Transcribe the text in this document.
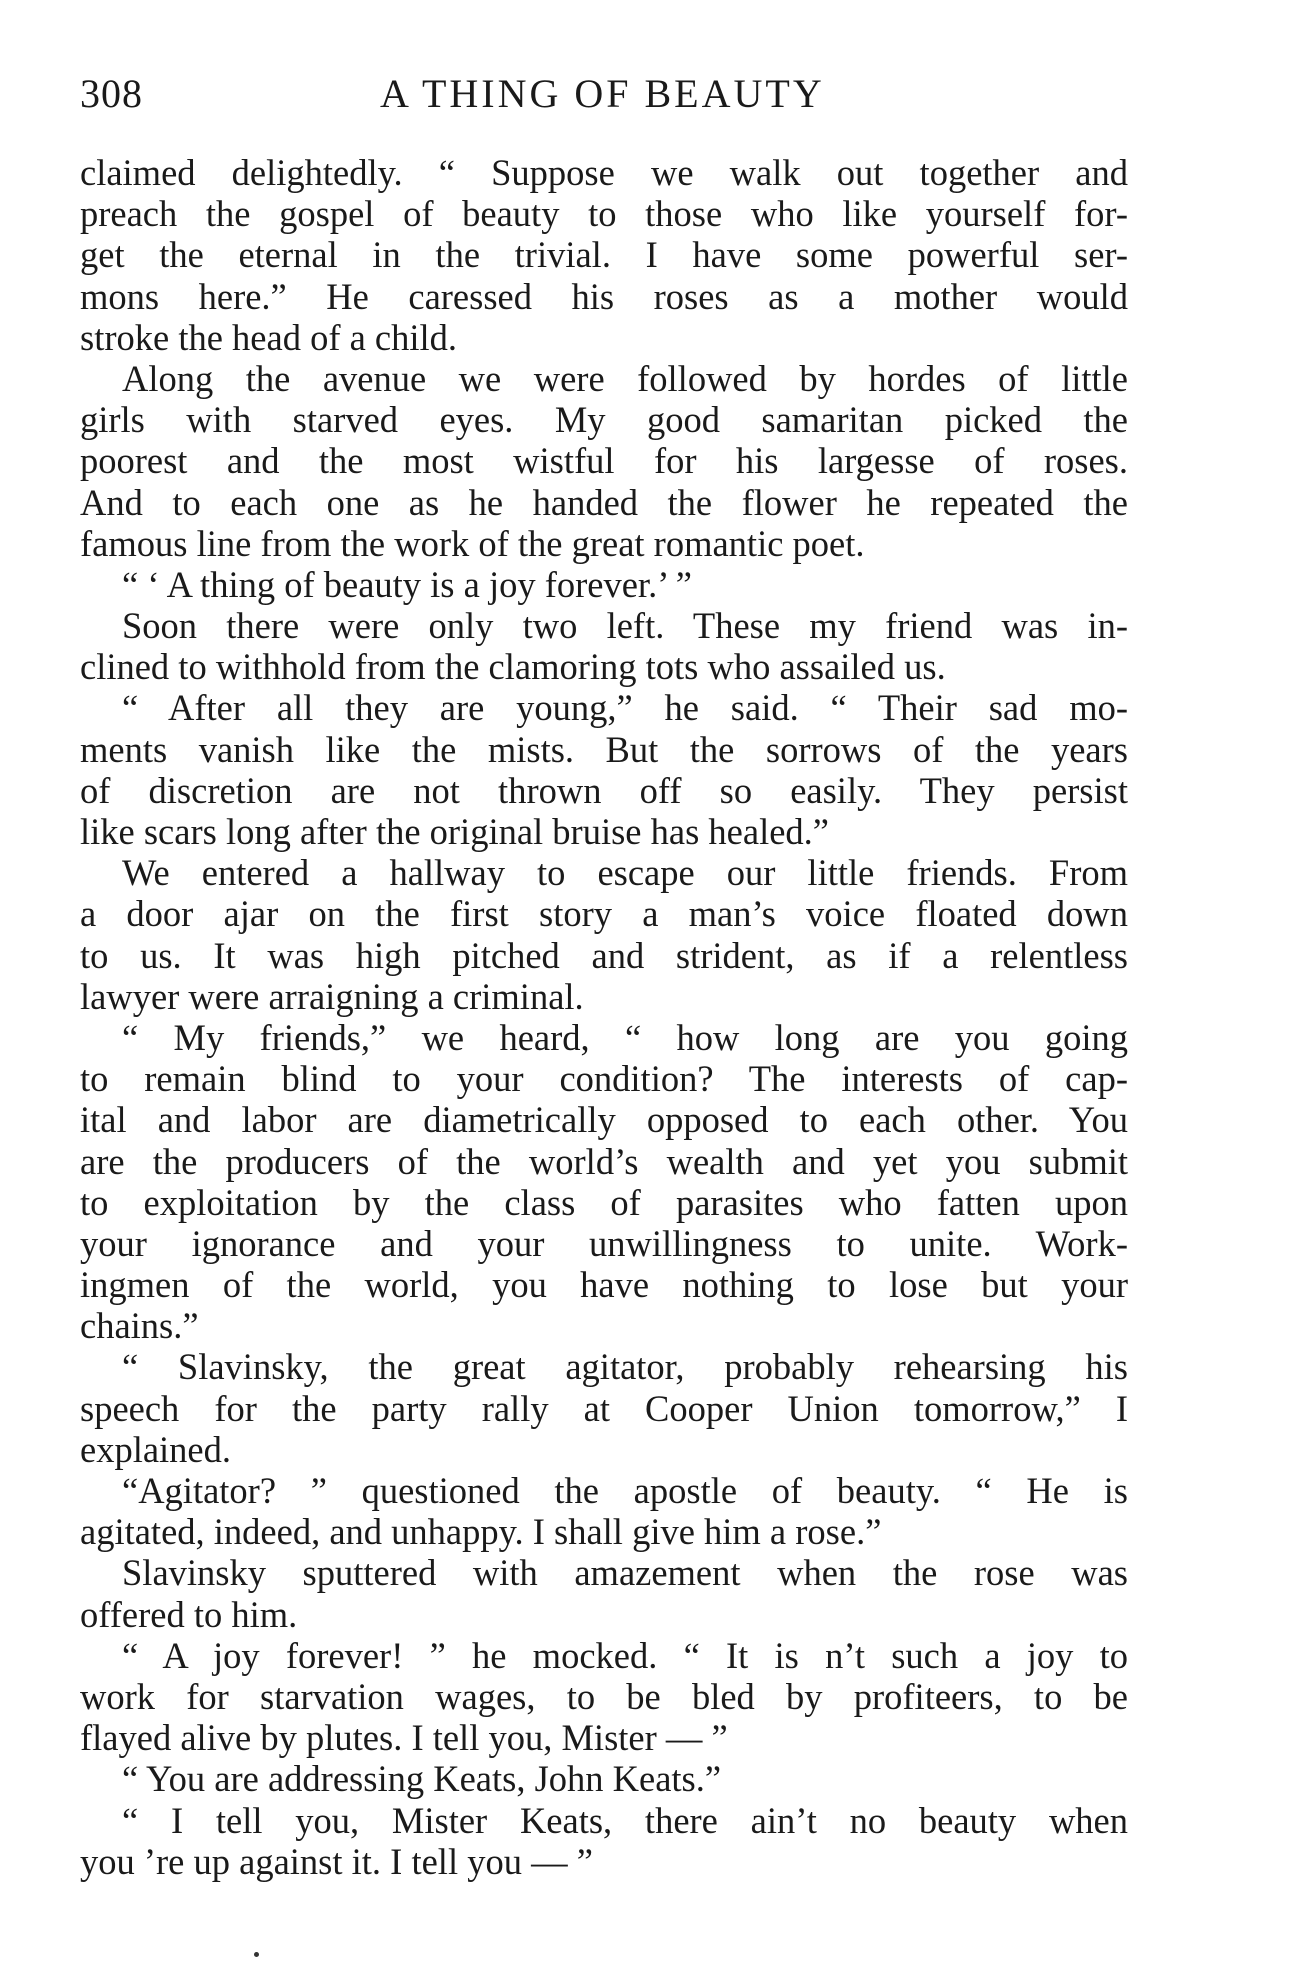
308	A THING OF BEAUTY
claimed delightedly. “ Suppose we walk out together and
preach the gospel of beauty to those who like yourself for-
get the eternal in the trivial. I have some powerful ser-
mons here.” He caressed his roses as a mother would
stroke the head of a child.
Along the avenue we were followed by hordes of little
girls with starved eyes. My good samaritan picked the
poorest and the most wistful for his largesse of roses.
And to each one as he handed the flower he repeated the
famous line from the work of the great romantic poet.
“ ‘ A thing of beauty is a joy forever.’ ”
Soon there were only two left. These my friend was in-
clined to withhold from the clamoring tots who assailed us.
“ After all they are young,” he said. “ Their sad mo-
ments vanish like the mists. But the sorrows of the years
of discretion are not thrown off so easily. They persist
like scars long after the original bruise has healed.”
We entered a hallway to escape our little friends. From
a door ajar on the first story a man’s voice floated down
to us. It was high pitched and strident, as if a relentless
lawyer were arraigning a criminal.
“ My friends,” we heard, “ how long are you going
to remain blind to your condition? The interests of cap-
ital and labor are diametrically opposed to each other. You
are the producers of the world’s wealth and yet you submit
to exploitation by the class of parasites who fatten upon
your ignorance and your unwillingness to unite. Work-
ingmen of the world, you have nothing to lose but your
chains.”
“ Slavinsky, the great agitator, probably rehearsing his
speech for the party rally at Cooper Union tomorrow,” I
explained.
“Agitator? ” questioned the apostle of beauty. “ He is
agitated, indeed, and unhappy. I shall give him a rose.”
Slavinsky sputtered with amazement when the rose was
offered to him.
“ A joy forever! ” he mocked. “ It is n’t such a joy to
work for starvation wages, to be bled by profiteers, to be
flayed alive by plutes. I tell you, Mister — ”
“ You are addressing Keats, John Keats.”
“ I tell you, Mister Keats, there ain’t no beauty when
you ’re up against it. I tell you — ”
